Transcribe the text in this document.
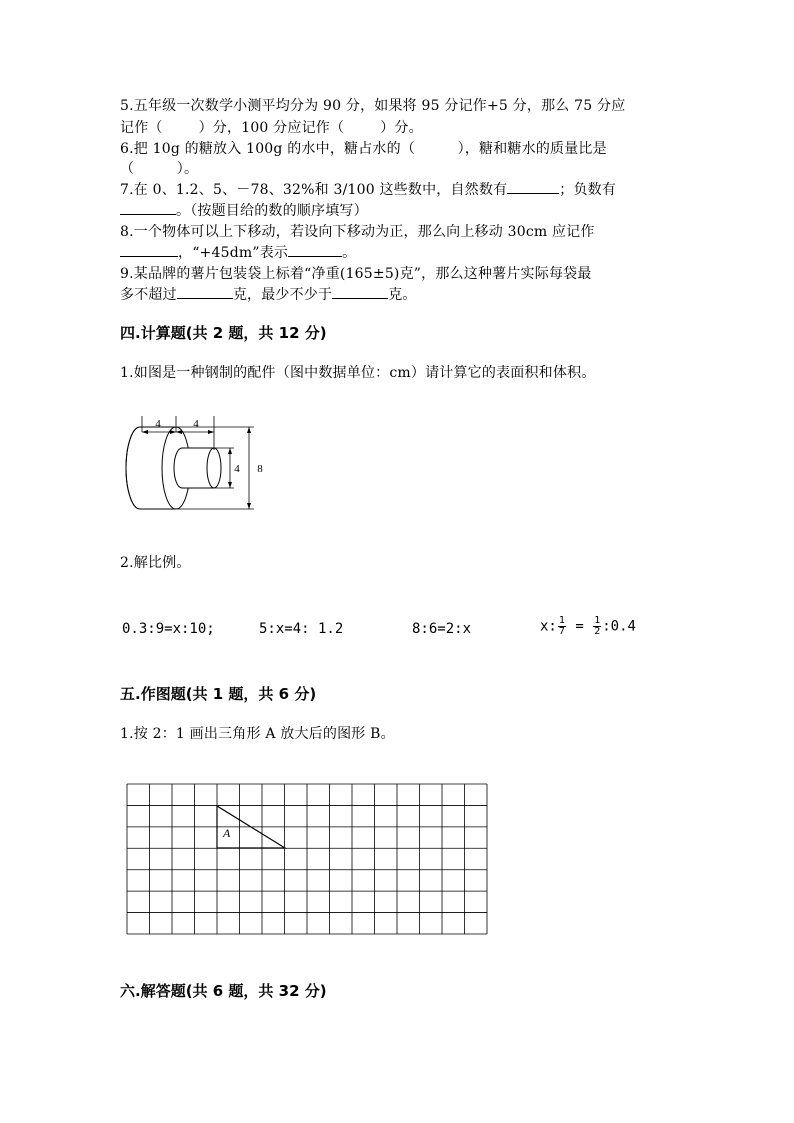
5.五年级一次数学小测平均分为 90 分，如果将 95 分记作+5 分，那么 75 分应
记作（	）分，100 分应记作（	）分。
6.把 10g 的糖放入 100g 的水中，糖占水的（　　　），糖和糖水的质量比是
（　　　）。
7.在 0、1.2、5、－78、32%和 3/100 这些数中，自然数有	；负数有
。（按题目给的数的顺序填写）
8.一个物体可以上下移动，若设向下移动为正，那么向上移动 30cm 应记作
，“+45dm”表示	。
9.某品牌的薯片包装袋上标着“净重(165±5)克”，那么这种薯片实际每袋最
多不超过	克，最少不少于	克。
四.计算题(共 2 题，共 12 分)
1.如图是一种钢制的配件（图中数据单位：cm）请计算它的表面积和体积。
4	4
4 8
2.解比例。
0.3:9=x:10;	5:x=4: 1.2	8:6=2:x	x: $\frac{1}{7} = \frac{1}{2}$ :0.4
五.作图题(共 1 题，共 6 分)
1.按 2：1 画出三角形 A 放大后的图形 B。
A
六.解答题(共 6 题，共 32 分)
